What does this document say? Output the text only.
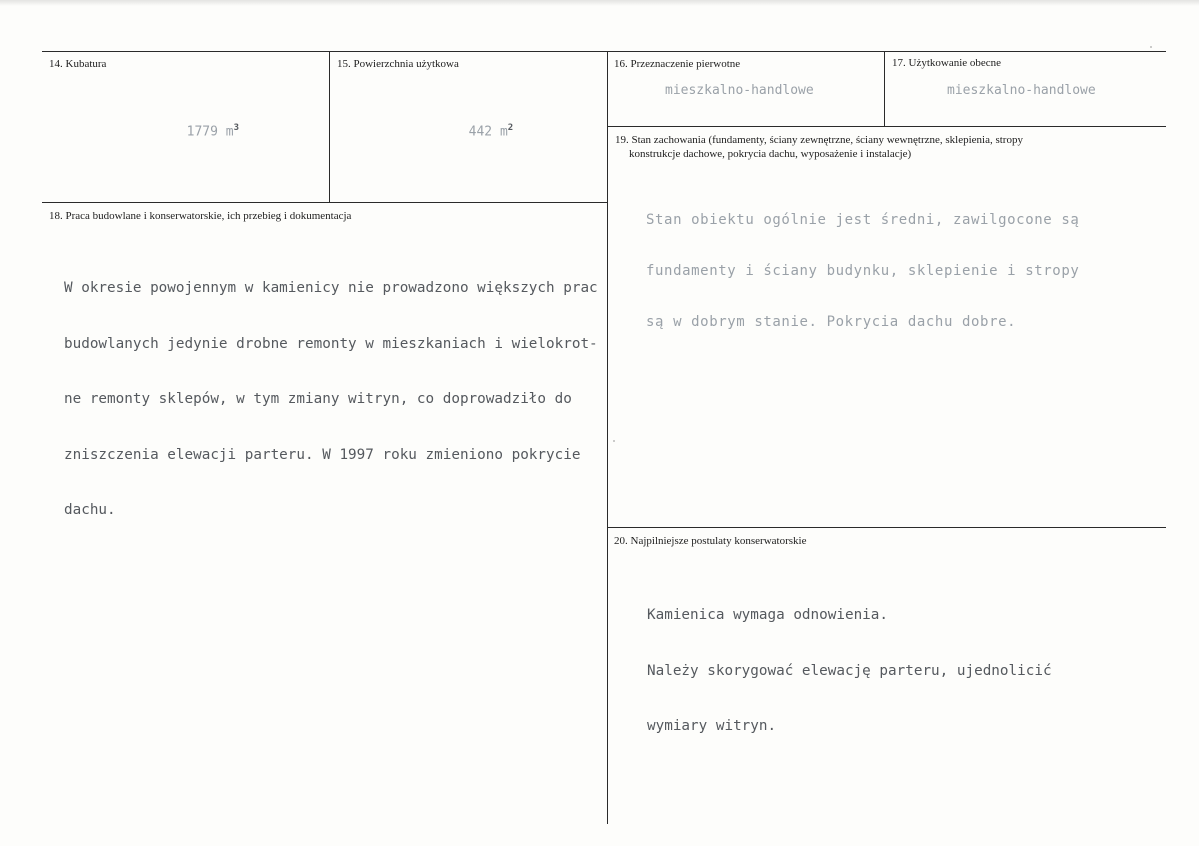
14. Kubatura

1779 $m^3$

15. Powierzchnia użytkowa

442 $m^2$

16. Przeznaczenie pierwotne
mieszkalno-handlowe
17. Użytkowanie obecne
mieszkalno-handlowe
19. Stan zachowania (fundamenty, ściany zewnętrzne, ściany wewnętrzne, sklepienia, stropy
konstrukcje dachowe, pokrycia dachu, wyposażenie i instalacje)

Stan obiektu ogólnie jest średni, zawilgocone są

fundamenty i ściany budynku, sklepienie i stropy

są w dobrym stanie. Pokrycia dachu dobre.

18. Praca budowlane i konserwatorskie, ich przebieg i dokumentacja

W okresie powojennym w kamienicy nie prowadzono większych prac

budowlanych jedynie drobne remonty w mieszkaniach i wielokrot-

ne remonty sklepów, w tym zmiany witryn, co doprowadziło do

zniszczenia elewacji parteru. W 1997 roku zmieniono pokrycie

dachu.

20. Najpilniejsze postulaty konserwatorskie

Kamienica wymaga odnowienia.

Należy skorygować elewację parteru, ujednolicić

wymiary witryn.
